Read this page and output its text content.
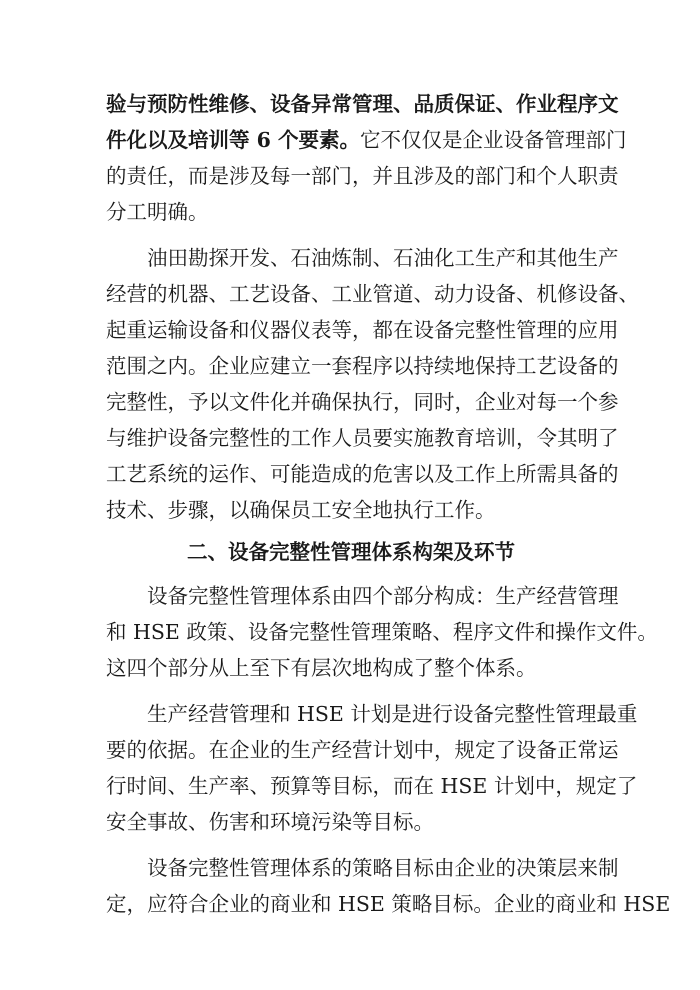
验与预防性维修、设备异常管理、品质保证、作业程序文
件化以及培训等 6 个要素。它不仅仅是企业设备管理部门
的责任，而是涉及每一部门，并且涉及的部门和个人职责
分工明确。
　　油田勘探开发、石油炼制、石油化工生产和其他生产
经营的机器、工艺设备、工业管道、动力设备、机修设备、
起重运输设备和仪器仪表等，都在设备完整性管理的应用
范围之内。企业应建立一套程序以持续地保持工艺设备的
完整性，予以文件化并确保执行，同时，企业对每一个参
与维护设备完整性的工作人员要实施教育培训，令其明了
工艺系统的运作、可能造成的危害以及工作上所需具备的
技术、步骤，以确保员工安全地执行工作。
二、设备完整性管理体系构架及环节
　　设备完整性管理体系由四个部分构成：生产经营管理
和 HSE 政策、设备完整性管理策略、程序文件和操作文件。
这四个部分从上至下有层次地构成了整个体系。
　　生产经营管理和 HSE 计划是进行设备完整性管理最重
要的依据。在企业的生产经营计划中，规定了设备正常运
行时间、生产率、预算等目标，而在 HSE 计划中，规定了
安全事故、伤害和环境污染等目标。
　　设备完整性管理体系的策略目标由企业的决策层来制
定，应符合企业的商业和 HSE 策略目标。企业的商业和 HSE
